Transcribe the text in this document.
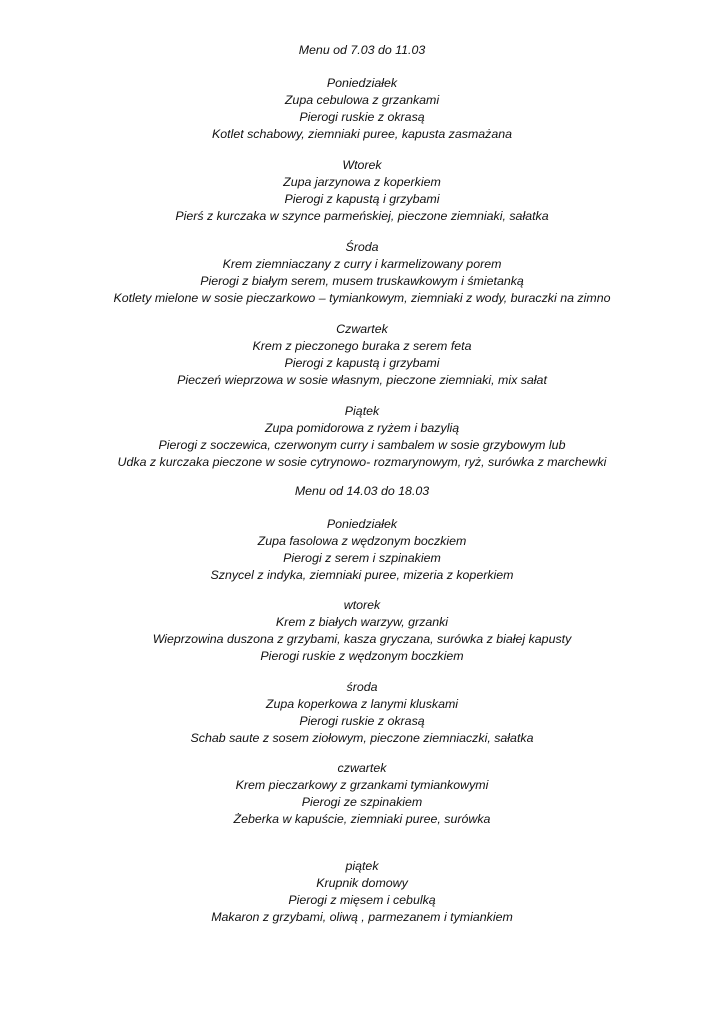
Menu od 7.03 do 11.03
Poniedziałek
Zupa cebulowa z grzankami
Pierogi ruskie z okrasą
Kotlet schabowy, ziemniaki puree, kapusta zasmażana
Wtorek
Zupa jarzynowa z koperkiem
Pierogi z kapustą i grzybami
Pierś z kurczaka w szynce parmeńskiej, pieczone ziemniaki, sałatka
Środa
Krem ziemniaczany z curry i karmelizowany porem
Pierogi z białym serem, musem truskawkowym i śmietanką
Kotlety mielone w sosie pieczarkowo – tymiankowym, ziemniaki z wody, buraczki na zimno
Czwartek
Krem z pieczonego buraka z serem feta
Pierogi z kapustą i grzybami
Pieczeń wieprzowa w sosie własnym, pieczone ziemniaki, mix sałat
Piątek
Zupa pomidorowa z ryżem i bazylią
Pierogi z soczewica, czerwonym curry i sambalem w sosie grzybowym lub
Udka z kurczaka pieczone w sosie cytrynowo- rozmarynowym, ryż, surówka z marchewki
Menu od 14.03 do 18.03
Poniedziałek
Zupa fasolowa z wędzonym boczkiem
Pierogi z serem i szpinakiem
Sznycel z indyka, ziemniaki puree, mizeria z koperkiem
wtorek
Krem z białych warzyw, grzanki
Wieprzowina duszona z grzybami, kasza gryczana, surówka z białej kapusty
Pierogi ruskie z wędzonym boczkiem
środa
Zupa koperkowa z lanymi kluskami
Pierogi ruskie z okrasą
Schab saute z sosem ziołowym, pieczone ziemniaczki, sałatka
czwartek
Krem pieczarkowy z grzankami tymiankowymi
Pierogi ze szpinakiem
Żeberka w kapuście, ziemniaki puree, surówka
piątek
Krupnik domowy
Pierogi z mięsem i cebulką
Makaron z grzybami, oliwą , parmezanem i tymiankiem
